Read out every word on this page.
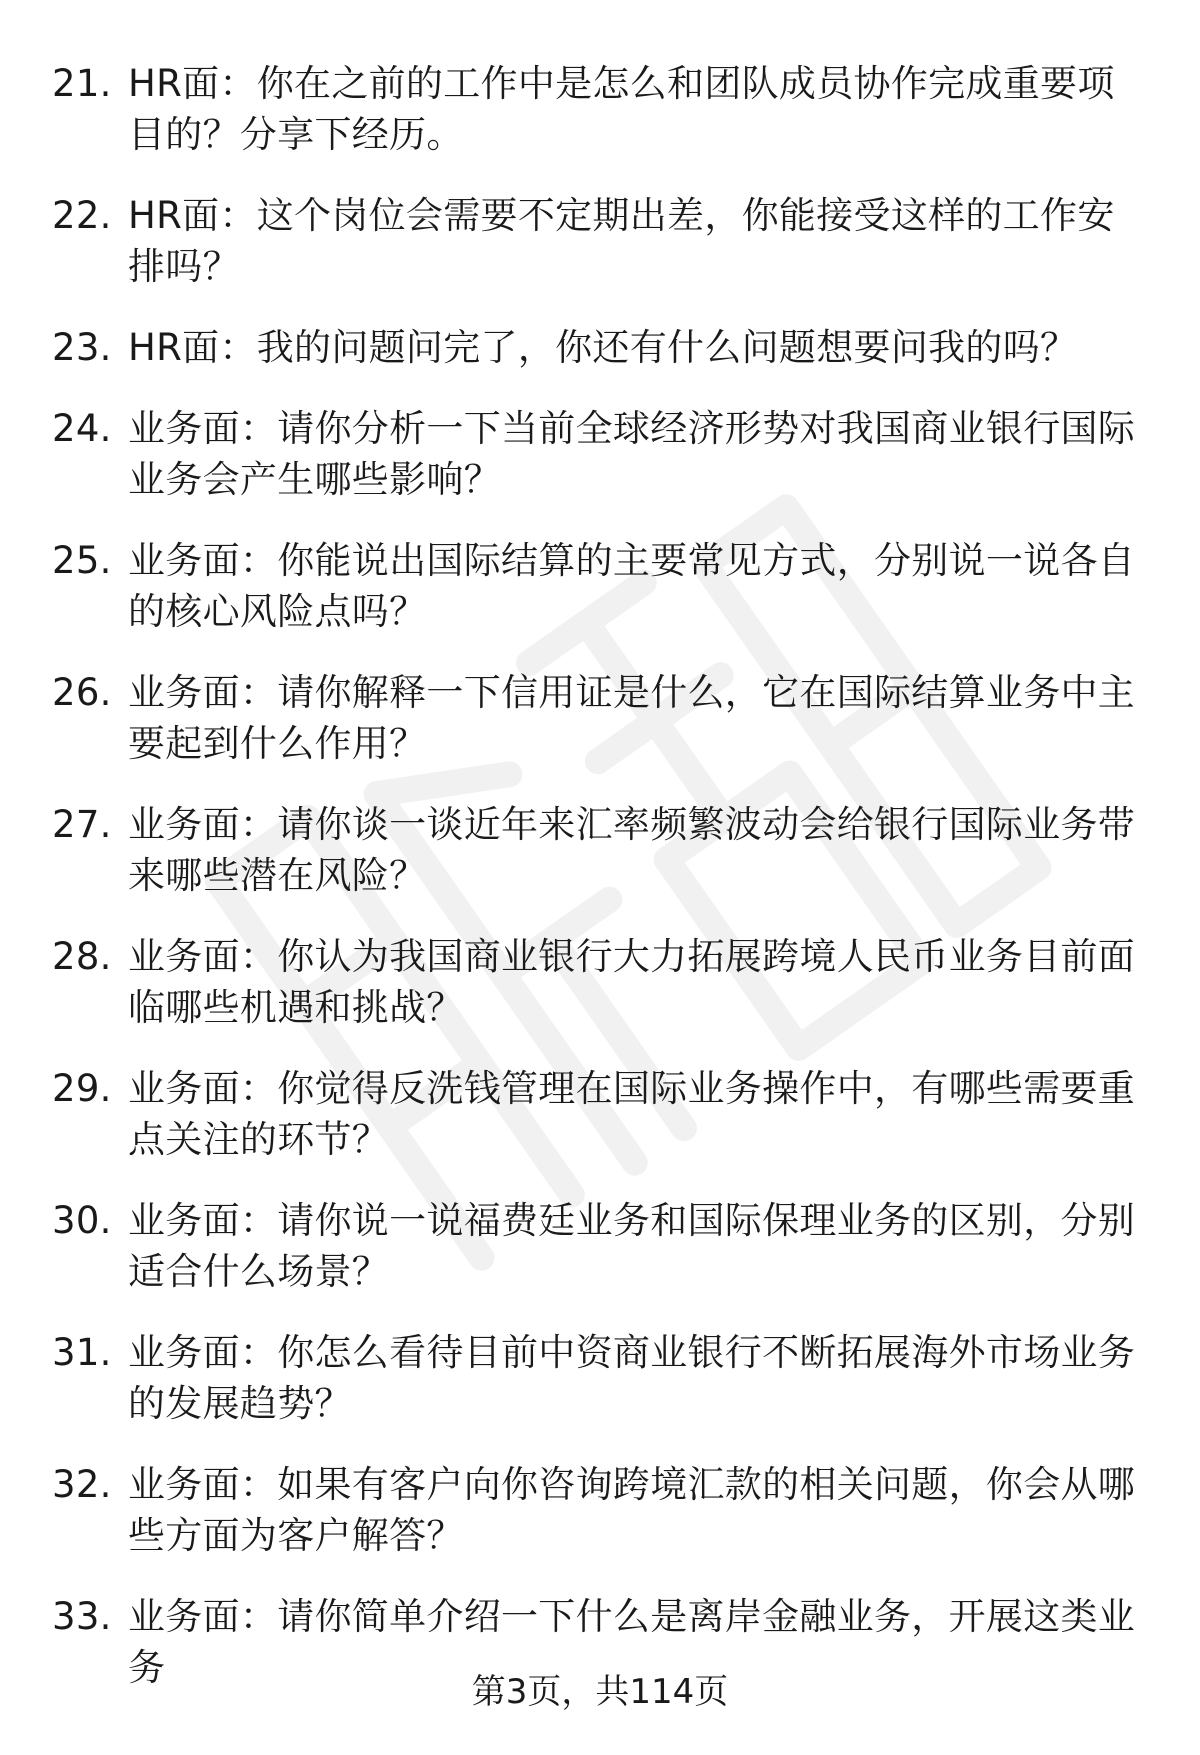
21. HR面：你在之前的工作中是怎么和团队成员协作完成重要项目的？分享下经历。
22. HR面：这个岗位会需要不定期出差，你能接受这样的工作安排吗？
23. HR面：我的问题问完了，你还有什么问题想要问我的吗？
24. 业务面：请你分析一下当前全球经济形势对我国商业银行国际业务会产生哪些影响？
25. 业务面：你能说出国际结算的主要常见方式，分别说一说各自的核心风险点吗？
26. 业务面：请你解释一下信用证是什么，它在国际结算业务中主要起到什么作用？
27. 业务面：请你谈一谈近年来汇率频繁波动会给银行国际业务带来哪些潜在风险？
28. 业务面：你认为我国商业银行大力拓展跨境人民币业务目前面临哪些机遇和挑战？
29. 业务面：你觉得反洗钱管理在国际业务操作中，有哪些需要重点关注的环节？
30. 业务面：请你说一说福费廷业务和国际保理业务的区别，分别适合什么场景？
31. 业务面：你怎么看待目前中资商业银行不断拓展海外市场业务的发展趋势？
32. 业务面：如果有客户向你咨询跨境汇款的相关问题，你会从哪些方面为客户解答？
33. 业务面：请你简单介绍一下什么是离岸金融业务，开展这类业务
第3页，共114页
